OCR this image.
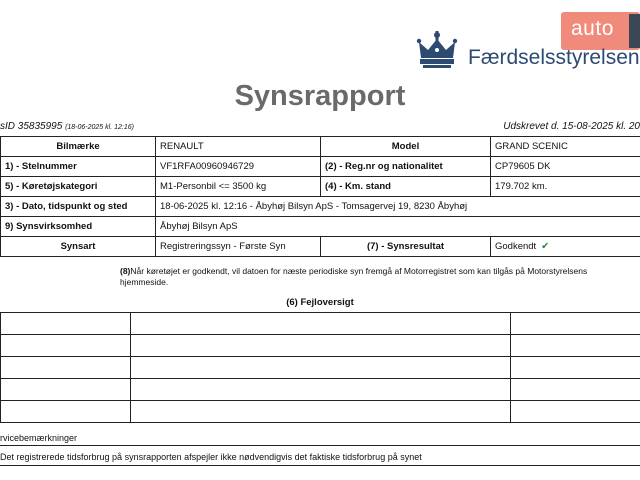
auto
Færdselsstyrelsen
Synsrapport
sID 35835995 (18-06-2025 kl. 12:16)	Udskrevet d. 15-08-2025 kl. 20
Bilmærke	RENAULT	Model	GRAND SCENIC
1) - Stelnummer	VF1RFA00960946729	(2) - Reg.nr og nationalitet	CP79605 DK
5) - Køretøjskategori	M1-Personbil <= 3500 kg	(4) - Km. stand	179.702 km.
3) - Dato, tidspunkt og sted	18-06-2025 kl. 12:16 - Åbyhøj Bilsyn ApS - Tomsagervej 19, 8230 Åbyhøj		
9) Synsvirksomhed	Åbyhøj Bilsyn ApS		
Synsart	Registreringssyn - Første Syn	(7) - Synsresultat	Godkendt ✔
(8)Når køretøjet er godkendt, vil datoen for næste periodiske syn fremgå af Motorregistret som kan tilgås på Motorstyrelsens hjemmeside.
(6) Fejloversigt

rvicebemærkninger
Det registrerede tidsforbrug på synsrapporten afspejler ikke nødvendigvis det faktiske tidsforbrug på synet
